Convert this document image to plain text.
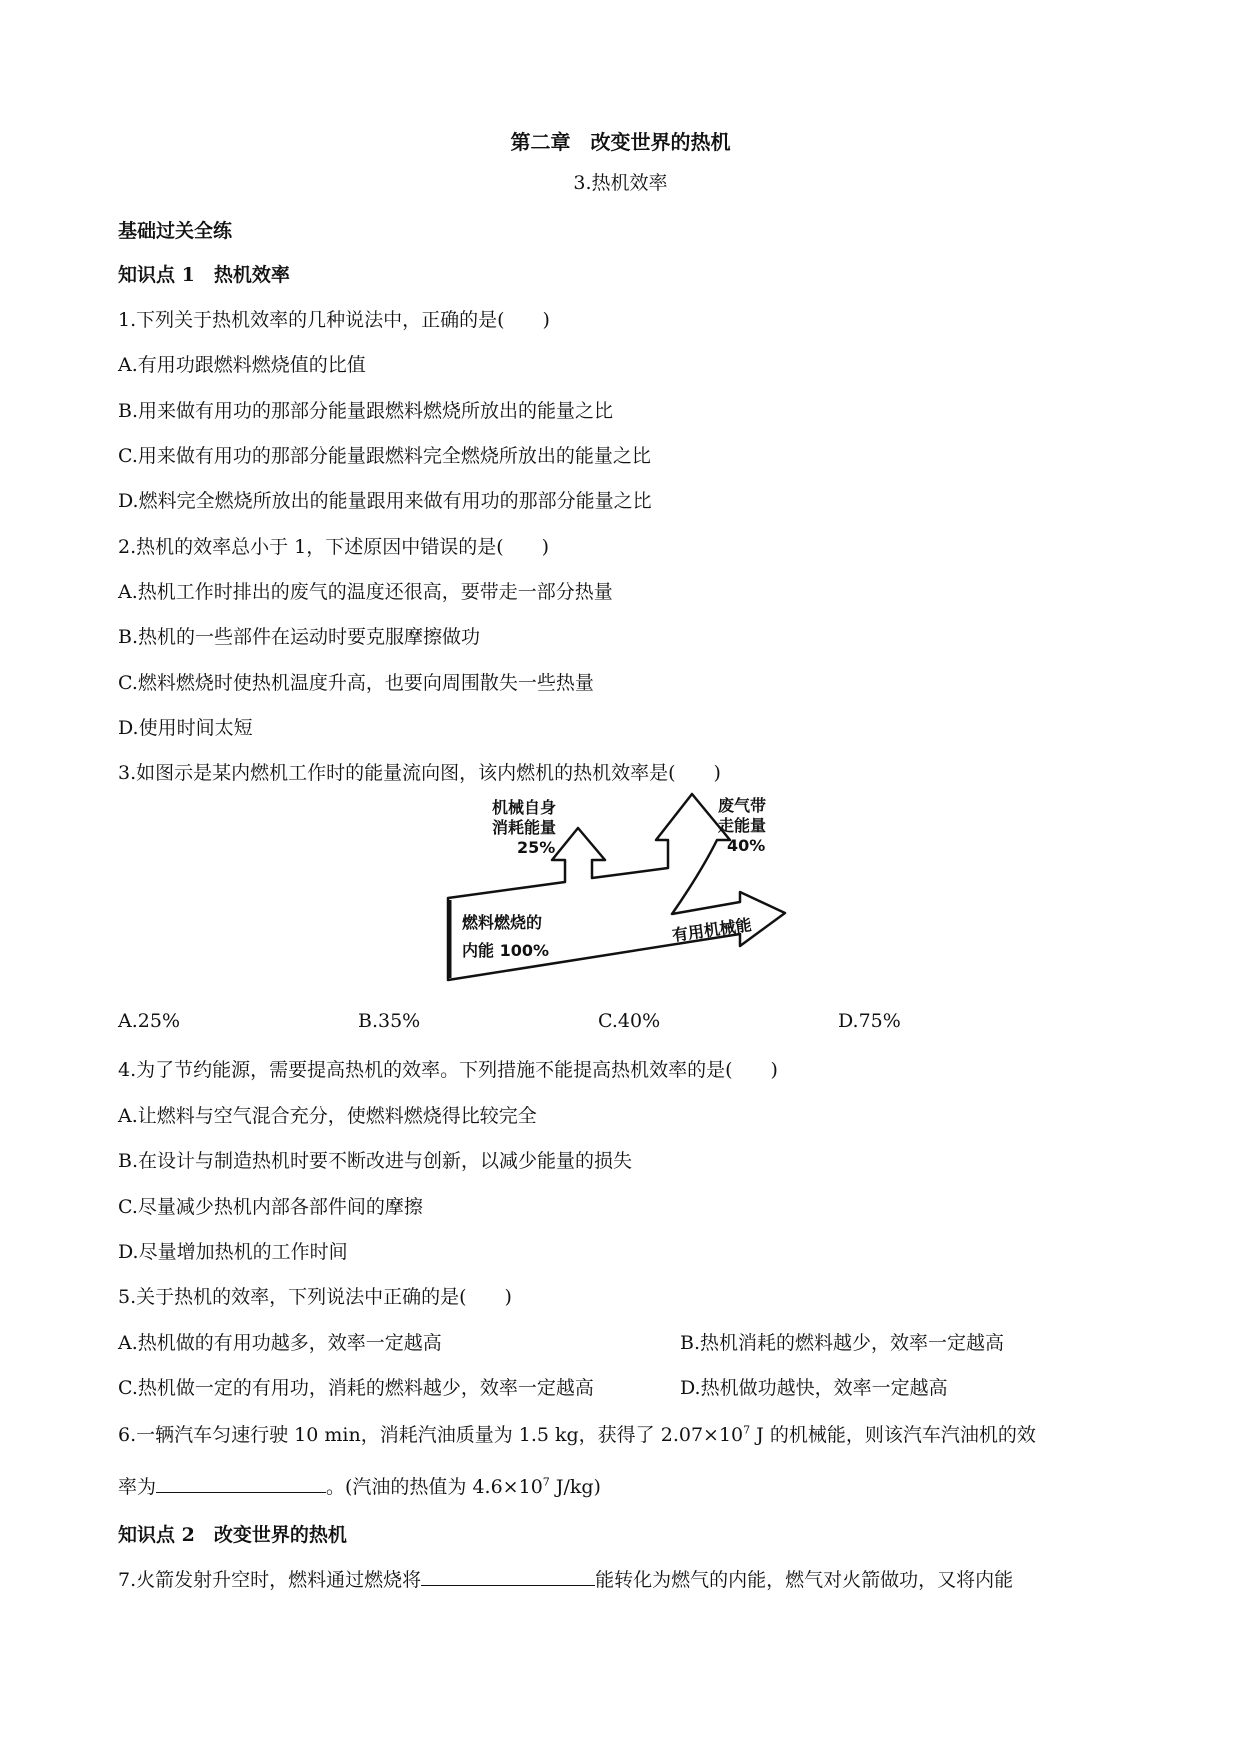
第二章　改变世界的热机
3.热机效率
基础过关全练
知识点 1　热机效率
1.下列关于热机效率的几种说法中，正确的是(　　)
A.有用功跟燃料燃烧值的比值
B.用来做有用功的那部分能量跟燃料燃烧所放出的能量之比
C.用来做有用功的那部分能量跟燃料完全燃烧所放出的能量之比
D.燃料完全燃烧所放出的能量跟用来做有用功的那部分能量之比
2.热机的效率总小于 1，下述原因中错误的是(　　)
A.热机工作时排出的废气的温度还很高，要带走一部分热量
B.热机的一些部件在运动时要克服摩擦做功
C.燃料燃烧时使热机温度升高，也要向周围散失一些热量
D.使用时间太短
3.如图示是某内燃机工作时的能量流向图，该内燃机的热机效率是(　　)
机械自身
消耗能量
25%
废气带
走能量
40%
燃料燃烧的
内能 100%
有用机械能
A.25%	B.35%	C.40%	D.75%
4.为了节约能源，需要提高热机的效率。下列措施不能提高热机效率的是(　　)
A.让燃料与空气混合充分，使燃料燃烧得比较完全
B.在设计与制造热机时要不断改进与创新，以减少能量的损失
C.尽量减少热机内部各部件间的摩擦
D.尽量增加热机的工作时间
5.关于热机的效率，下列说法中正确的是(　　)
A.热机做的有用功越多，效率一定越高	B.热机消耗的燃料越少，效率一定越高
C.热机做一定的有用功，消耗的燃料越少，效率一定越高	D.热机做功越快，效率一定越高
6.一辆汽车匀速行驶 10 min，消耗汽油质量为 1.5 kg，获得了 $2.07\times 10^7$ J 的机械能，则该汽车汽油机的效
率为	。(汽油的热值为 $4.6\times 10^7$ J/kg)
知识点 2　改变世界的热机
7.火箭发射升空时，燃料通过燃烧将	能转化为燃气的内能，燃气对火箭做功，又将内能
